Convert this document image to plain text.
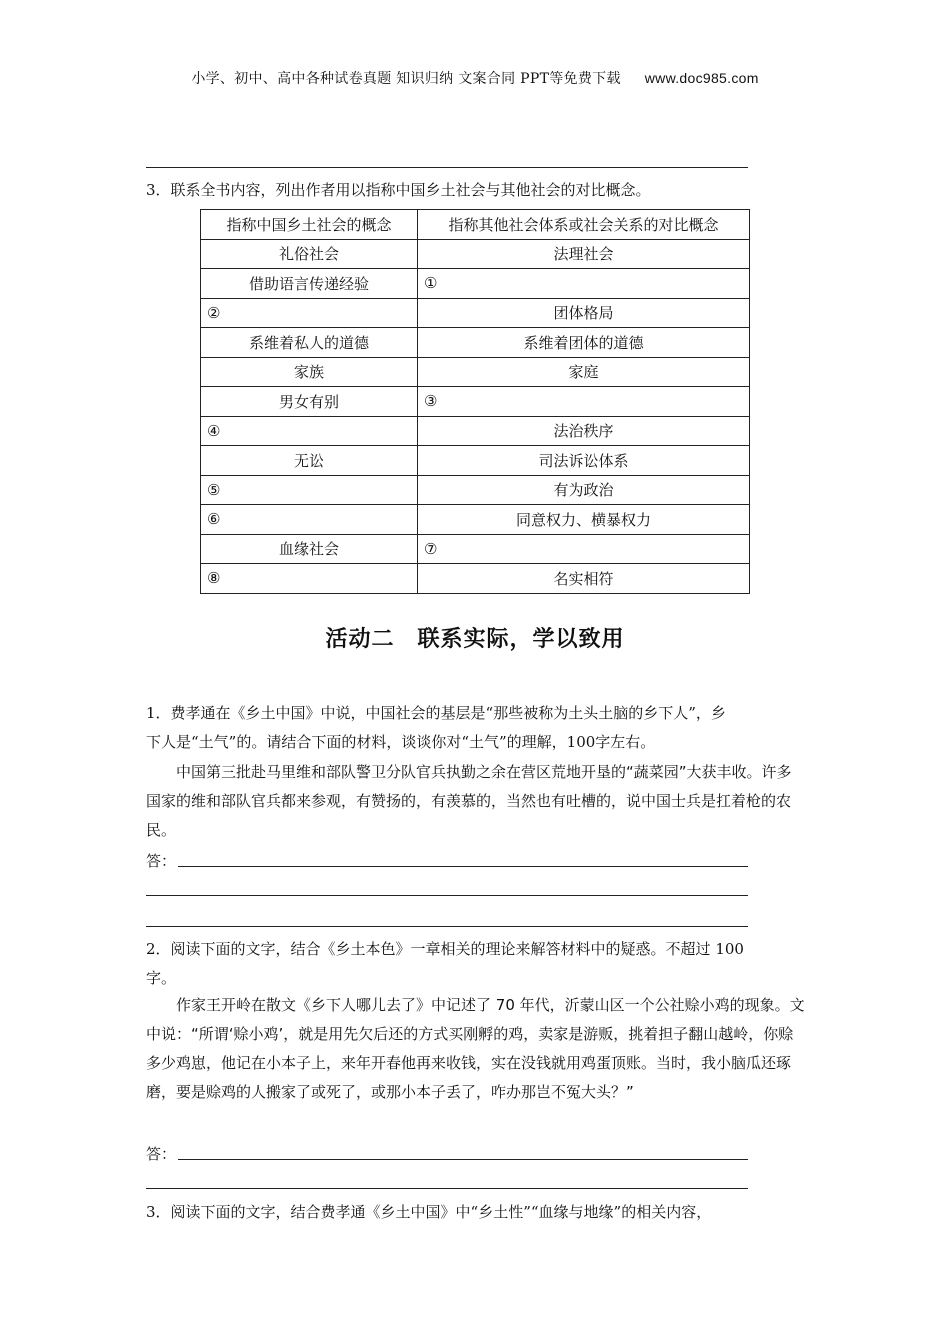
小学、初中、高中各种试卷真题 知识归纳 文案合同 PPT等免费下载 www.doc985.com
3．联系全书内容，列出作者用以指称中国乡土社会与其他社会的对比概念。
指称中国乡土社会的概念	指称其他社会体系或社会关系的对比概念
礼俗社会	法理社会
借助语言传递经验	①
②	团体格局
系维着私人的道德	系维着团体的道德
家族	家庭
男女有别	③
④	法治秩序
无讼	司法诉讼体系
⑤	有为政治
⑥	同意权力、横暴权力
血缘社会	⑦
⑧	名实相符
活动二　联系实际，学以致用
1．费孝通在《乡土中国》中说，中国社会的基层是“那些被称为土头土脑的乡下人”，乡
下人是“土气”的。请结合下面的材料，谈谈你对“土气”的理解，100字左右。
中国第三批赴马里维和部队警卫分队官兵执勤之余在营区荒地开垦的“蔬菜园”大获丰收。许多国家的维和部队官兵都来参观，有赞扬的，有羡慕的，当然也有吐槽的，说中国士兵是扛着枪的农民。
答：
2．阅读下面的文字，结合《乡土本色》一章相关的理论来解答材料中的疑惑。不超过 100
字。
作家王开岭在散文《乡下人哪儿去了》中记述了 70 年代，沂蒙山区一个公社赊小鸡的现象。文中说：“所谓‘赊小鸡’，就是用先欠后还的方式买刚孵的鸡，卖家是游贩，挑着担子翻山越岭，你赊多少鸡崽，他记在小本子上，来年开春他再来收钱，实在没钱就用鸡蛋顶账。当时，我小脑瓜还琢磨，要是赊鸡的人搬家了或死了，或那小本子丢了，咋办那岂不冤大头？”
答：
3．阅读下面的文字，结合费孝通《乡土中国》中“乡土性”“血缘与地缘”的相关内容，
